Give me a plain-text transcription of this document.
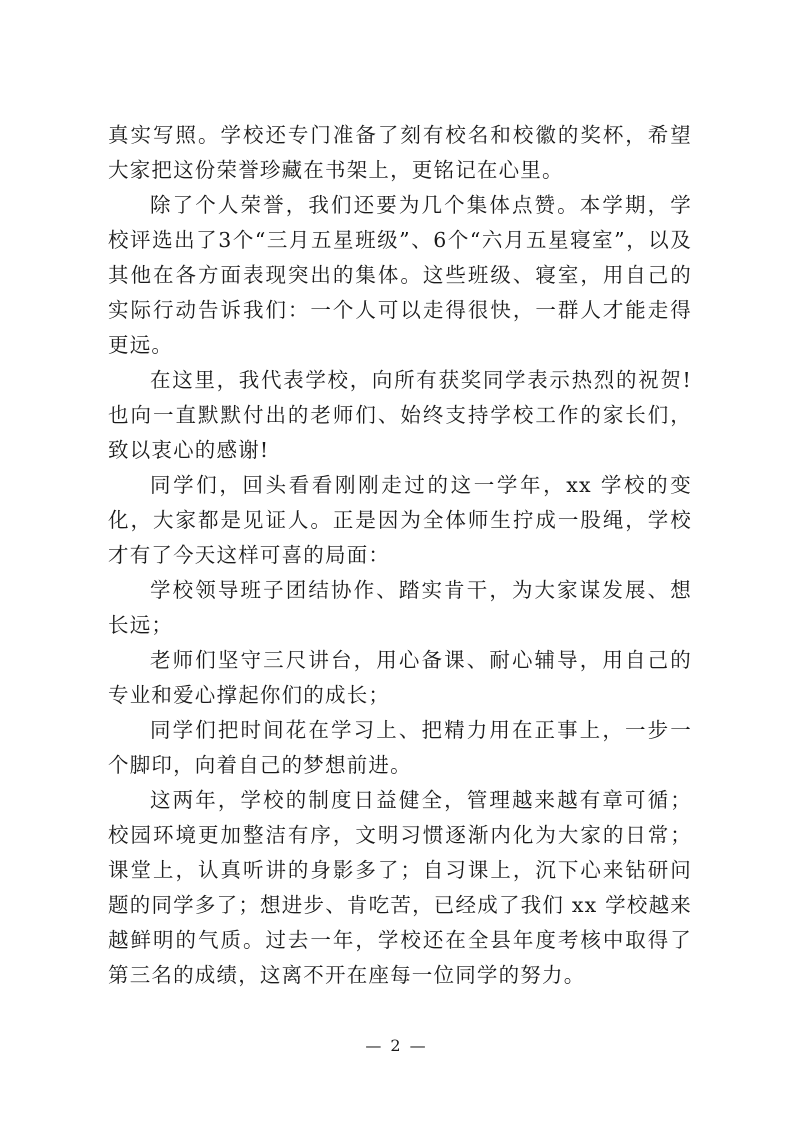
真实写照。学校还专门准备了刻有校名和校徽的奖杯，希望大家把这份荣誉珍藏在书架上，更铭记在心里。

除了个人荣誉，我们还要为几个集体点赞。本学期，学校评选出了3个“三月五星班级”、6个“六月五星寝室”，以及其他在各方面表现突出的集体。这些班级、寝室，用自己的实际行动告诉我们：一个人可以走得很快，一群人才能走得更远。

在这里，我代表学校，向所有获奖同学表示热烈的祝贺!也向一直默默付出的老师们、始终支持学校工作的家长们，致以衷心的感谢!

同学们，回头看看刚刚走过的这一学年，xx 学校的变化，大家都是见证人。正是因为全体师生拧成一股绳，学校才有了今天这样可喜的局面：

学校领导班子团结协作、踏实肯干，为大家谋发展、想长远；

老师们坚守三尺讲台，用心备课、耐心辅导，用自己的专业和爱心撑起你们的成长；

同学们把时间花在学习上、把精力用在正事上，一步一个脚印，向着自己的梦想前进。

这两年，学校的制度日益健全，管理越来越有章可循；校园环境更加整洁有序，文明习惯逐渐内化为大家的日常；课堂上，认真听讲的身影多了；自习课上，沉下心来钻研问题的同学多了；想进步、肯吃苦，已经成了我们 xx 学校越来越鲜明的气质。过去一年，学校还在全县年度考核中取得了第三名的成绩，这离不开在座每一位同学的努力。

— 2 —
